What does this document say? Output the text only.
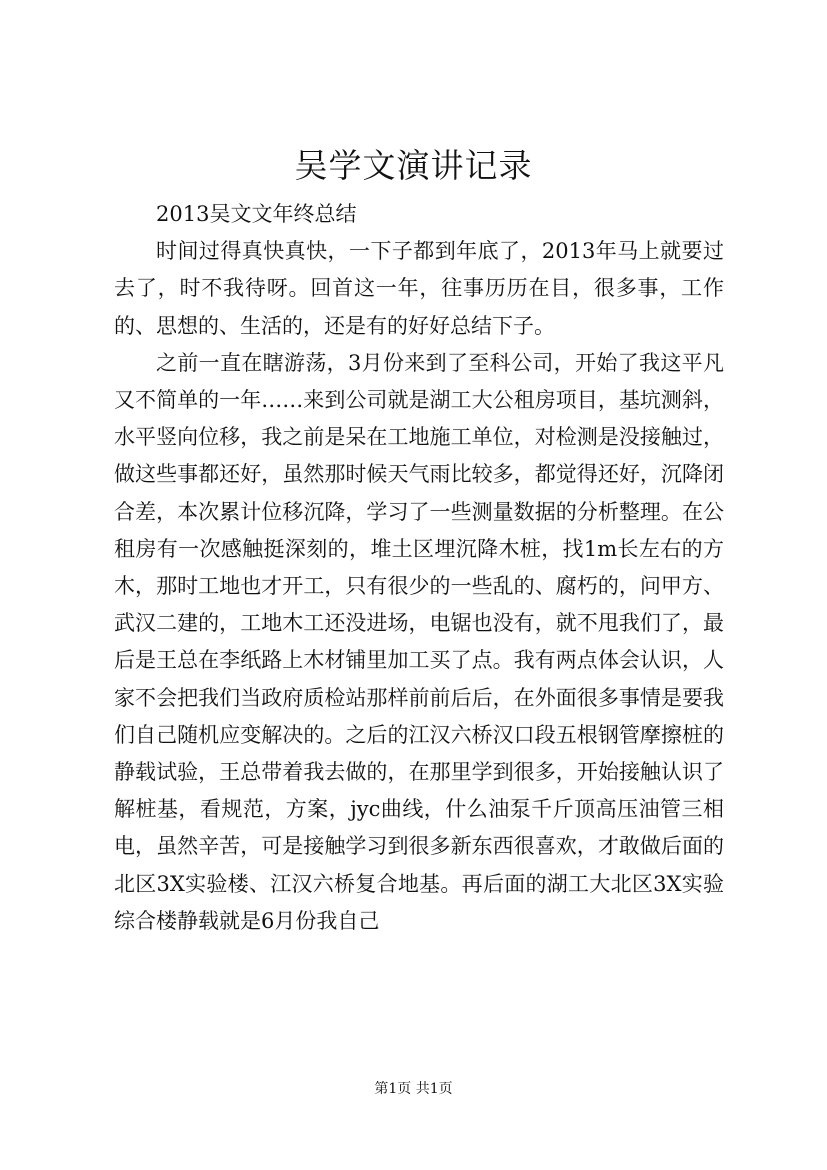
吴学文演讲记录

2013吴文文年终总结

时间过得真快真快，一下子都到年底了，2013年马上就要过去了，时不我待呀。回首这一年，往事历历在目，很多事，工作的、思想的、生活的，还是有的好好总结下子。

之前一直在瞎游荡，3月份来到了至科公司，开始了我这平凡又不简单的一年……来到公司就是湖工大公租房项目，基坑测斜，水平竖向位移，我之前是呆在工地施工单位，对检测是没接触过，做这些事都还好，虽然那时候天气雨比较多，都觉得还好，沉降闭合差，本次累计位移沉降，学习了一些测量数据的分析整理。在公租房有一次感触挺深刻的，堆土区埋沉降木桩，找1m长左右的方木，那时工地也才开工，只有很少的一些乱的、腐朽的，问甲方、武汉二建的，工地木工还没进场，电锯也没有，就不甩我们了，最后是王总在李纸路上木材铺里加工买了点。我有两点体会认识，人家不会把我们当政府质检站那样前前后后，在外面很多事情是要我们自己随机应变解决的。之后的江汉六桥汉口段五根钢管摩擦桩的静载试验，王总带着我去做的，在那里学到很多，开始接触认识了解桩基，看规范，方案，jyc曲线，什么油泵千斤顶高压油管三相电，虽然辛苦，可是接触学习到很多新东西很喜欢，才敢做后面的北区3X实验楼、江汉六桥复合地基。再后面的湖工大北区3X实验综合楼静载就是6月份我自己

第1页 共1页
